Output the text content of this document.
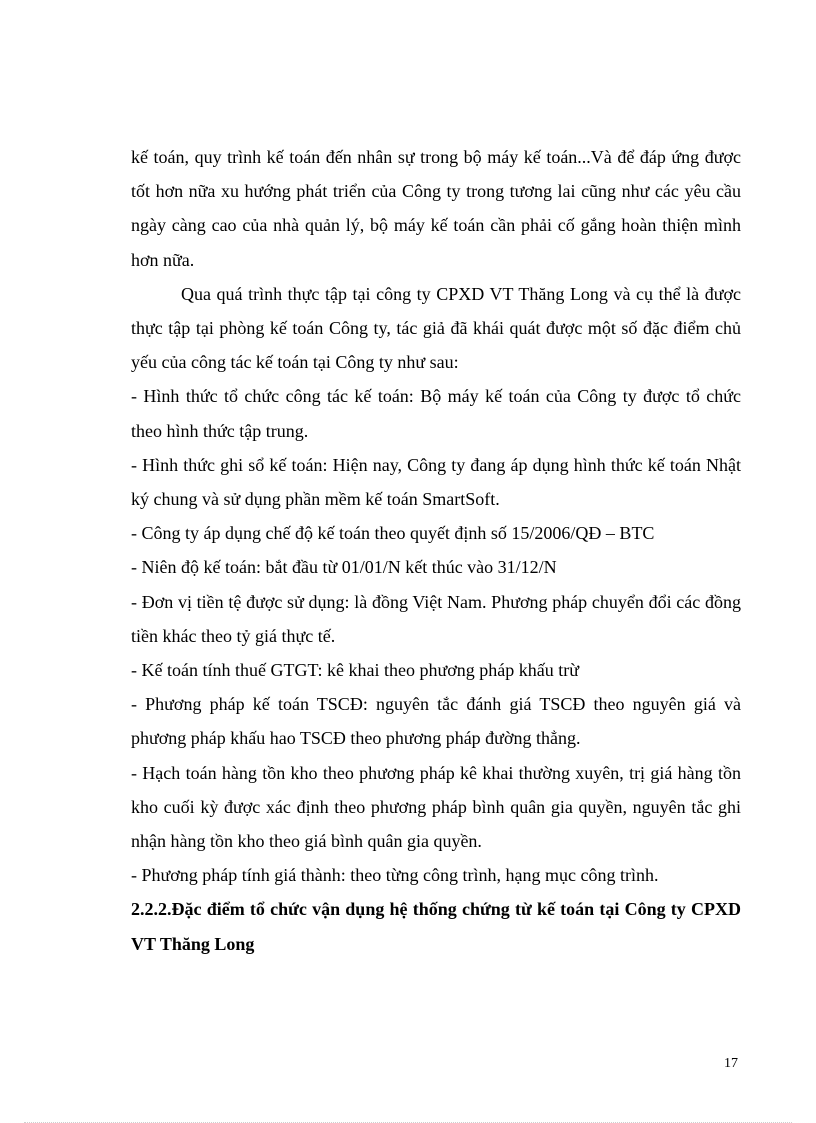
kế toán, quy trình kế toán đến nhân sự trong bộ máy kế toán...Và để đáp ứng được tốt hơn nữa xu hướng phát triển của Công ty trong tương lai cũng như các yêu cầu ngày càng cao của nhà quản lý, bộ máy kế toán cần phải cố gắng hoàn thiện mình hơn nữa.

Qua quá trình thực tập tại công ty CPXD VT Thăng Long và cụ thể là được thực tập tại phòng kế toán Công ty, tác giả đã khái quát được một số đặc điểm chủ yếu của công tác kế toán tại Công ty như sau:

- Hình thức tổ chức công tác kế toán: Bộ máy kế toán của Công ty được tổ chức theo hình thức tập trung.

- Hình thức ghi sổ kế toán: Hiện nay, Công ty đang áp dụng hình thức kế toán Nhật ký chung và sử dụng phần mềm kế toán SmartSoft.

- Công ty áp dụng chế độ kế toán theo quyết định số 15/2006/QĐ – BTC

- Niên độ kế toán: bắt đầu từ 01/01/N kết thúc vào 31/12/N

- Đơn vị tiền tệ được sử dụng: là đồng Việt Nam. Phương pháp chuyển đổi các đồng tiền khác theo tỷ giá thực tế.

- Kế toán tính thuế GTGT: kê khai theo phương pháp khấu trừ

- Phương pháp kế toán TSCĐ: nguyên tắc đánh giá TSCĐ theo nguyên giá và phương pháp khấu hao TSCĐ theo phương pháp đường thẳng.

- Hạch toán hàng tồn kho theo phương pháp kê khai thường xuyên, trị giá hàng tồn kho cuối kỳ được xác định theo phương pháp bình quân gia quyền, nguyên tắc ghi nhận hàng tồn kho theo giá bình quân gia quyền.

- Phương pháp tính giá thành: theo từng công trình, hạng mục công trình.

2.2.2.Đặc điểm tổ chức vận dụng hệ thống chứng từ kế toán tại Công ty CPXD VT Thăng Long

17
